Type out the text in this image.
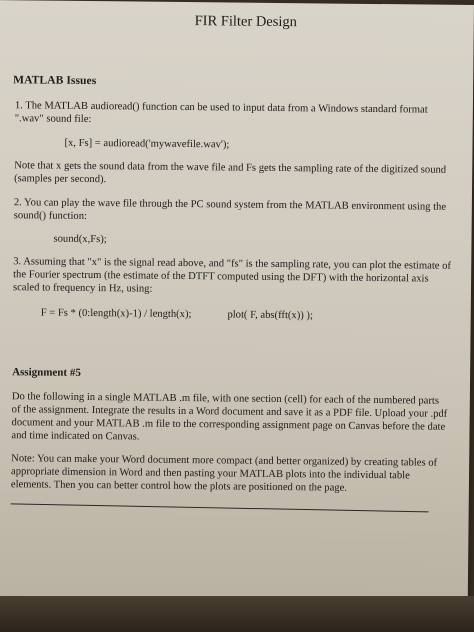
FIR Filter Design
MATLAB Issues

1. The MATLAB audioread() function can be used to input data from a Windows standard format ".wav" sound file:

[x, Fs] = audioread('mywavefile.wav');

Note that x gets the sound data from the wave file and Fs gets the sampling rate of the digitized sound (samples per second).

2. You can play the wave file through the PC sound system from the MATLAB environment using the sound() function:

sound(x,Fs);

3. Assuming that "x" is the signal read above, and "fs" is the sampling rate, you can plot the estimate of the Fourier spectrum (the estimate of the DTFT computed using the DFT) with the horizontal axis scaled to frequency in Hz, using:

F = Fs * (0:length(x)-1) / length(x);	plot( F, abs(fft(x)) );
Assignment #5

Do the following in a single MATLAB .m file, with one section (cell) for each of the numbered parts of the assignment. Integrate the results in a Word document and save it as a PDF file. Upload your .pdf document and your MATLAB .m file to the corresponding assignment page on Canvas before the date and time indicated on Canvas.

Note: You can make your Word document more compact (and better organized) by creating tables of appropriate dimension in Word and then pasting your MATLAB plots into the individual table elements. Then you can better control how the plots are positioned on the page.
